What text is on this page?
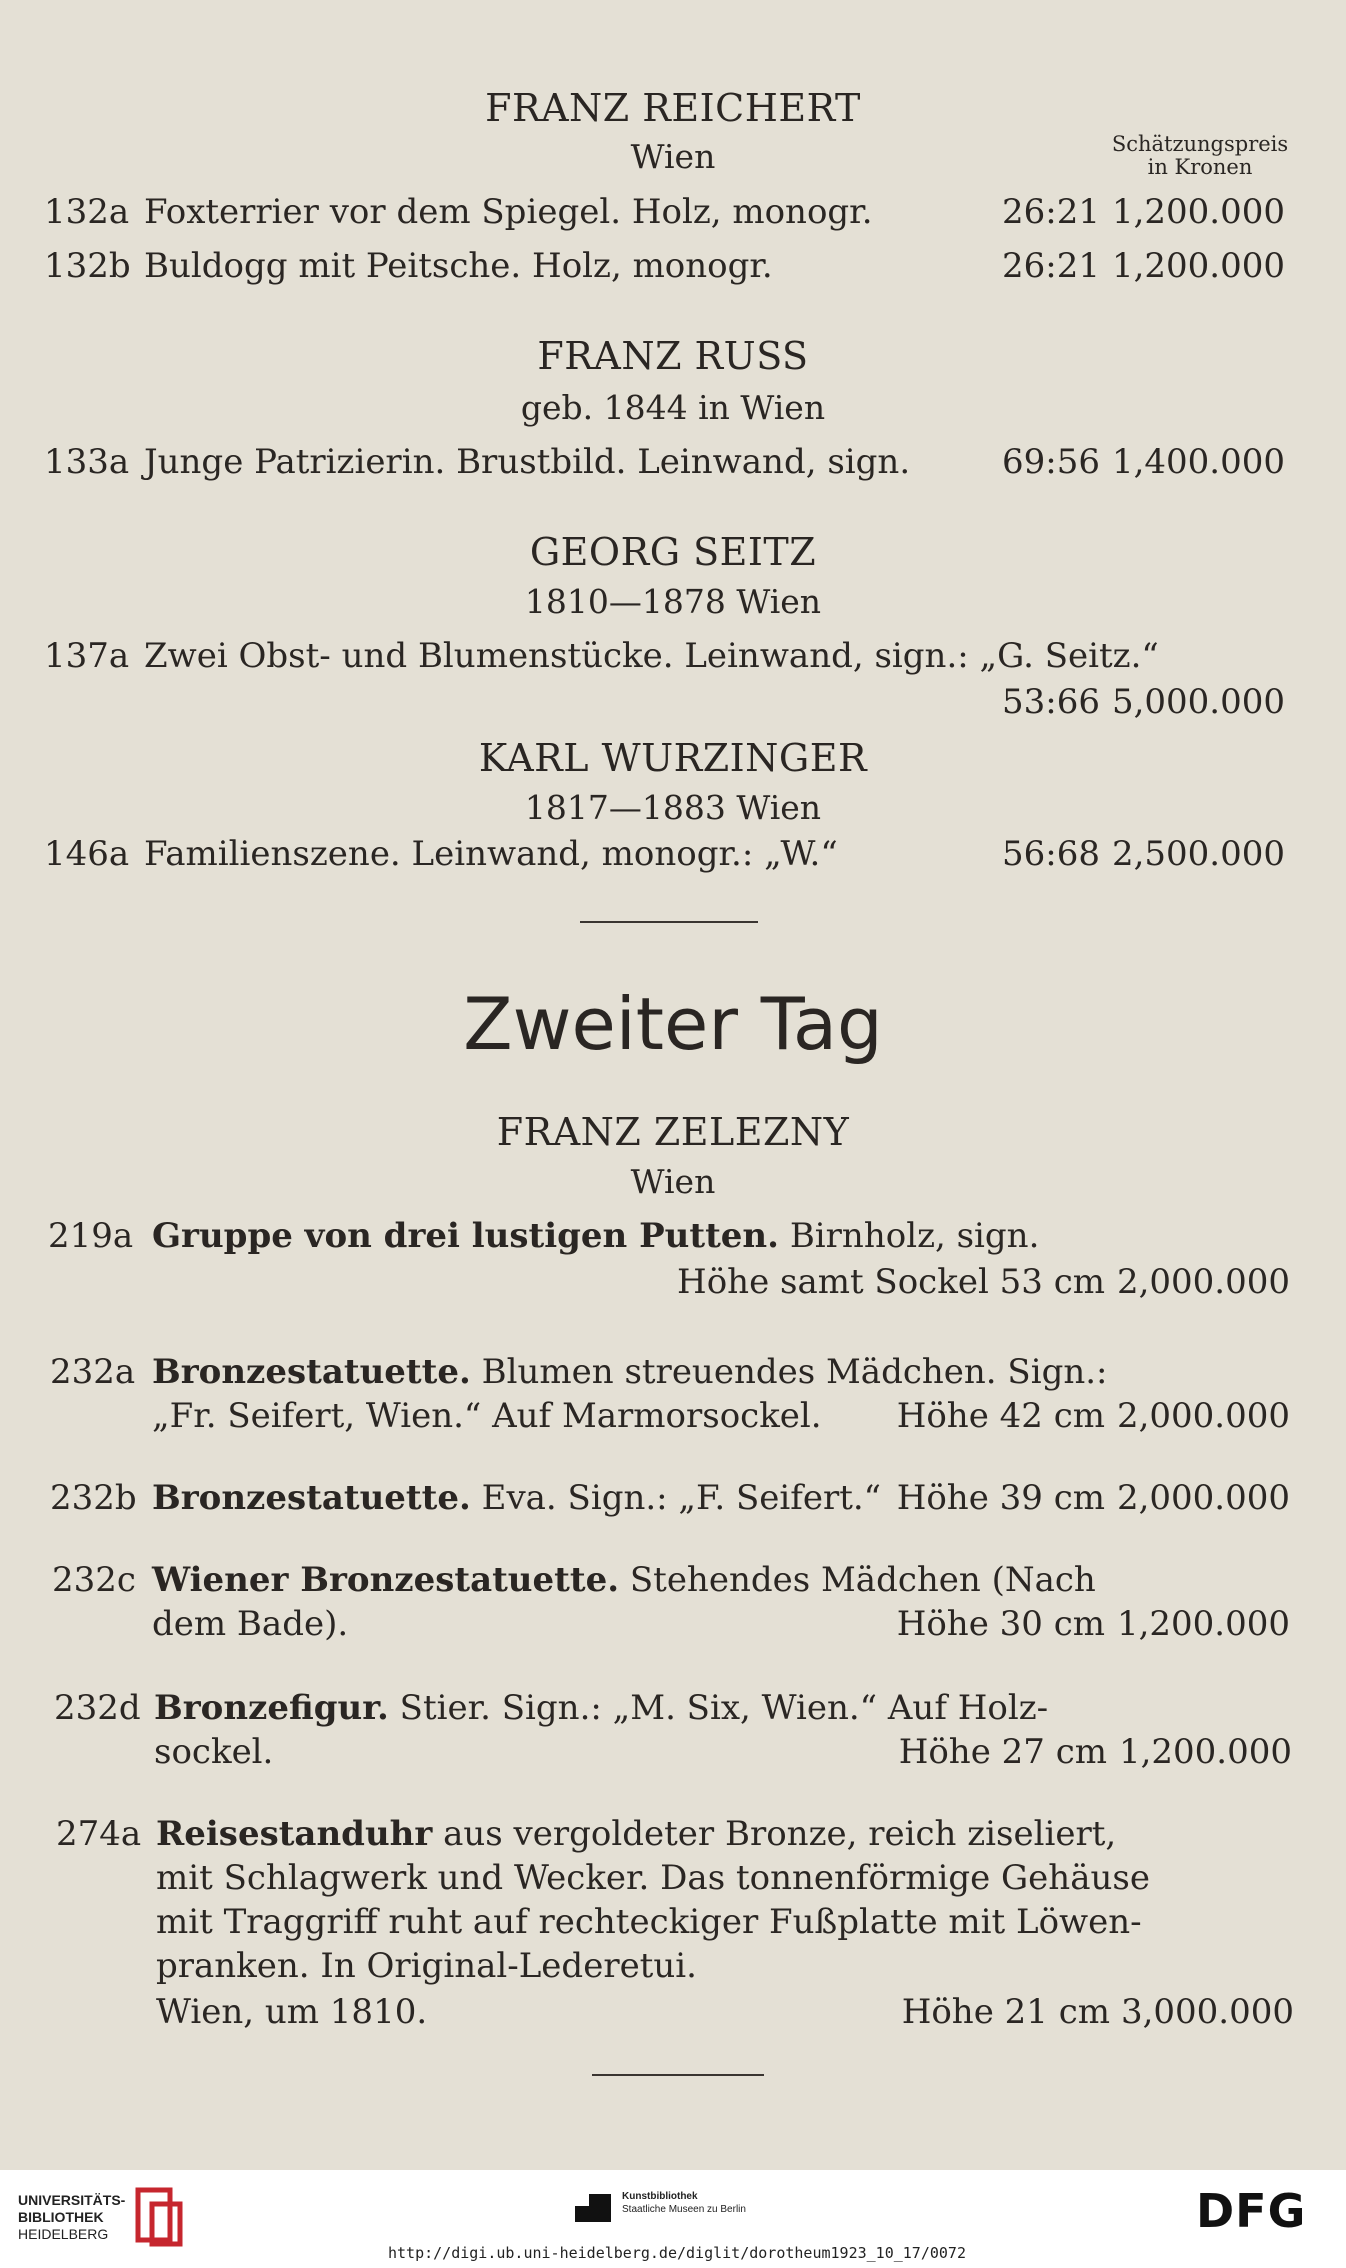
Schätzungspreis
in Kronen
FRANZ REICHERT
Wien
132a Foxterrier vor dem Spiegel. Holz, monogr.	26:21 1,200.000
132b Buldogg mit Peitsche. Holz, monogr.	26:21 1,200.000
FRANZ RUSS
geb. 1844 in Wien
133a Junge Patrizierin. Brustbild. Leinwand, sign.	69:56 1,400.000
GEORG SEITZ
1810—1878 Wien
137a Zwei Obst- und Blumenstücke. Leinwand, sign.: „G. Seitz.“
53:66 5,000.000
KARL WURZINGER
1817—1883 Wien
146a Familienszene. Leinwand, monogr.: „W.“	56:68 2,500.000
Zweiter Tag
FRANZ ZELEZNY
Wien
219a Gruppe von drei lustigen Putten. Birnholz, sign.
Höhe samt Sockel 53 cm 2,000.000
232a Bronzestatuette. Blumen streuendes Mädchen. Sign.:
„Fr. Seifert, Wien.“ Auf Marmorsockel.	Höhe 42 cm 2,000.000
232b Bronzestatuette. Eva. Sign.: „F. Seifert.“ Höhe 39 cm 2,000.000
232c Wiener Bronzestatuette. Stehendes Mädchen (Nach
dem Bade).	Höhe 30 cm 1,200.000
232d Bronzefigur. Stier. Sign.: „M. Six, Wien.“ Auf Holz-
sockel.	Höhe 27 cm 1,200.000
274a Reisestanduhr aus vergoldeter Bronze, reich ziseliert,
mit Schlagwerk und Wecker. Das tonnenförmige Gehäuse
mit Traggriff ruht auf rechteckiger Fußplatte mit Löwen-
pranken. In Original-Lederetui.
Wien, um 1810.	Höhe 21 cm 3,000.000
UNIVERSITÄTS-
BIBLIOTHEK
HEIDELBERG
Kunstbibliothek
Staatliche Museen zu Berlin	DFG
http://digi.ub.uni-heidelberg.de/diglit/dorotheum1923_10_17/0072
